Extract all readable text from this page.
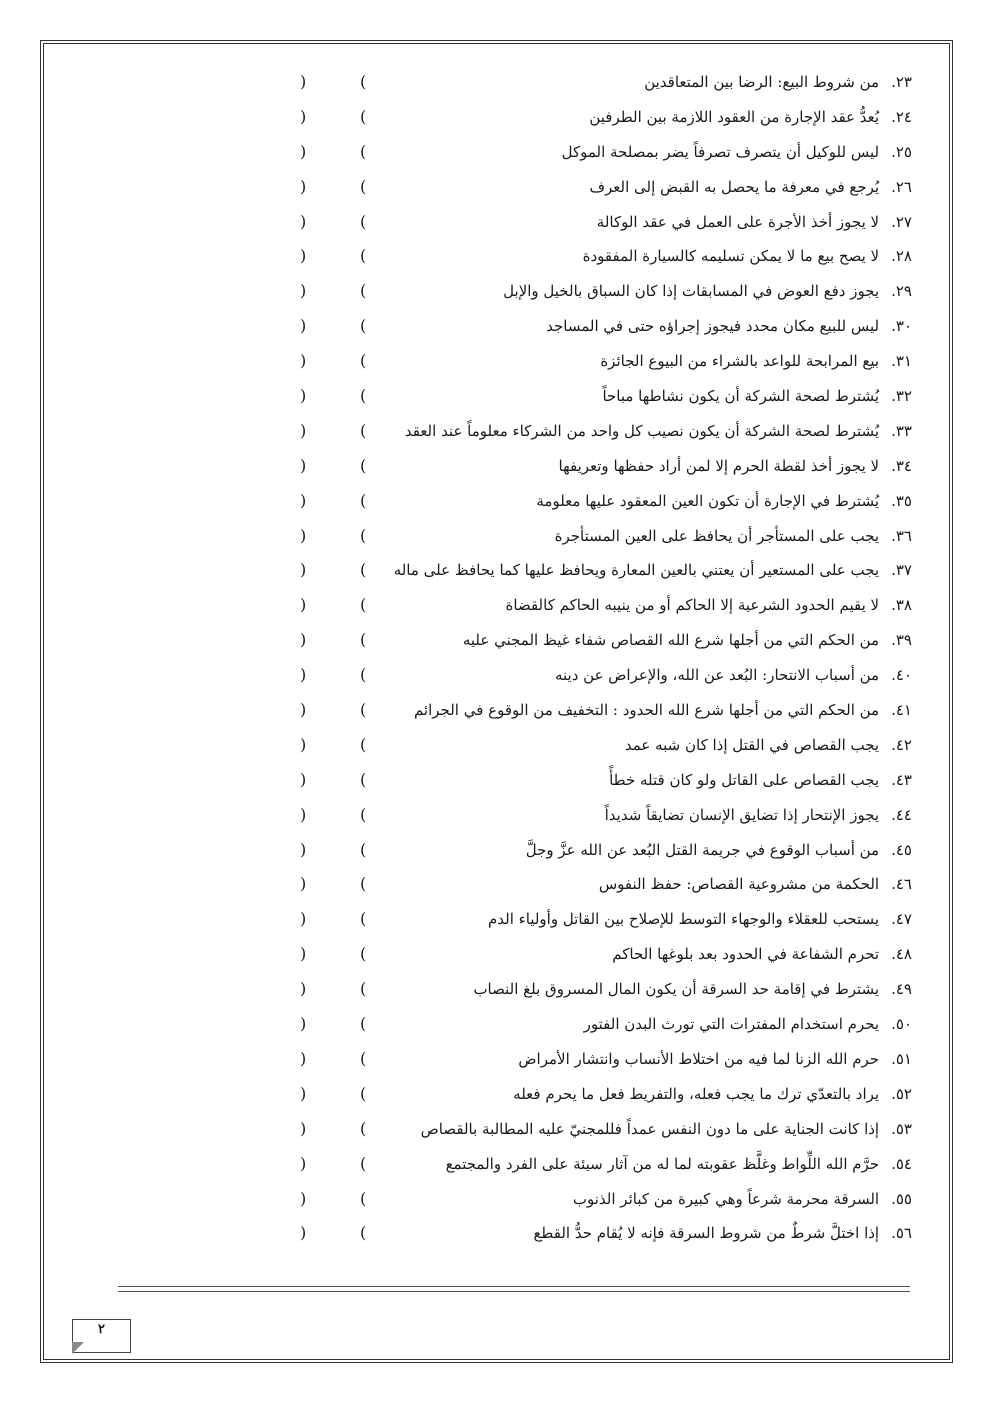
٢٣.من شروط البيع: الرضا بين المتعاقدين
(
)
٢٤.يُعدُّ عقد الإجارة من العقود اللازمة بين الطرفين
(
)
٢٥.ليس للوكيل أن يتصرف تصرفاً يضر بمصلحة الموكل
(
)
٢٦.يُرجع في معرفة ما يحصل به القبض إلى العرف
(
)
٢٧.لا يجوز أخذ الأجرة على العمل في عقد الوكالة
(
)
٢٨.لا يصح بيع ما لا يمكن تسليمه كالسيارة المفقودة
(
)
٢٩.يجوز دفع العوض في المسابقات إذا كان السباق بالخيل والإبل
(
)
٣٠.ليس للبيع مكان محدد فيجوز إجراؤه حتى في المساجد
(
)
٣١.بيع المرابحة للواعد بالشراء من البيوع الجائزة
(
)
٣٢.يُشترط لصحة الشركة أن يكون نشاطها مباحاً
(
)
٣٣.يُشترط لصحة الشركة أن يكون نصيب كل واحد من الشركاء معلوماً عند العقد
(
)
٣٤.لا يجوز أخذ لقطة الحرم إلا لمن أراد حفظها وتعريفها
(
)
٣٥.يُشترط في الإجارة أن تكون العين المعقود عليها معلومة
(
)
٣٦.يجب على المستأجر أن يحافظ على العين المستأجرة
(
)
٣٧.يجب على المستعير أن يعتني بالعين المعارة ويحافظ عليها كما يحافظ على ماله
(
)
٣٨.لا يقيم الحدود الشرعية إلا الحاكم أو من ينيبه الحاكم كالقضاة
(
)
٣٩.من الحكم التي من أجلها شرع الله القصاص شفاء غيظ المجني عليه
(
)
٤٠.من أسباب الانتحار: البُعد عن الله، والإعراض عن دينه
(
)
٤١.من الحكم التي من أجلها شرع الله الحدود : التخفيف من الوقوع في الجرائم
(
)
٤٢.يجب القصاص في القتل إذا كان شبه عمد
(
)
٤٣.يجب القصاص على القاتل ولو كان قتله خطأً
(
)
٤٤.يجوز الإنتحار إذا تضايق الإنسان تضايقاً شديداً
(
)
٤٥.من أسباب الوقوع في جريمة القتل البُعد عن الله عزَّ وجلَّ
(
)
٤٦.الحكمة من مشروعية القصاص: حفظ النفوس
(
)
٤٧.يستحب للعقلاء والوجهاء التوسط للإصلاح بين القاتل وأولياء الدم
(
)
٤٨.تحرم الشفاعة في الحدود بعد بلوغها الحاكم
(
)
٤٩.يشترط في إقامة حد السرقة أن يكون المال المسروق بلغ النصاب
(
)
٥٠.يحرم استخدام المفترات التي تورث البدن الفتور
(
)
٥١.حرم الله الزنا لما فيه من اختلاط الأنساب وانتشار الأمراض
(
)
٥٢.يراد بالتعدّي ترك ما يجب فعله، والتفريط فعل ما يحرم فعله
(
)
٥٣.إذا كانت الجناية على ما دون النفس عمداً فللمجنيّ عليه المطالبة بالقصاص
(
)
٥٤.حرَّم الله اللِّواط وغلَّظ عقوبته لما له من آثار سيئة على الفرد والمجتمع
(
)
٥٥.السرقة محرمة شرعاً وهي كبيرة من كبائر الذنوب
(
)
٥٦.إذا اختلَّ شرطٌ من شروط السرقة فإنه لا يُقام حدُّ القطع
(
)
٢
